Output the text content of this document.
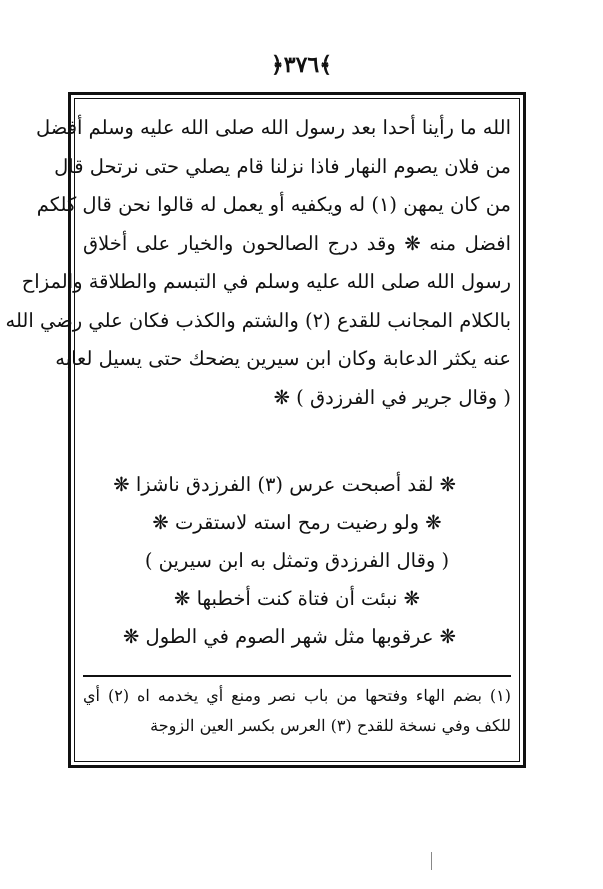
﴿٣٧٦﴾
الله ما رأينا أحدا بعد رسول الله صلى الله عليه وسلم أفضل
من فلان يصوم النهار فاذا نزلنا قام يصلي حتى نرتحل قال
من كان يمهن (١) له ويكفيه أو يعمل له قالوا نحن قال كلكم
افضل منه ❋ وقد درج الصالحون والخيار على أخلاق
رسول الله صلى الله عليه وسلم في التبسم والطلاقة والمزاح
بالكلام المجانب للقدع (٢) والشتم والكذب فكان علي رضي الله
عنه يكثر الدعابة وكان ابن سيرين يضحك حتى يسيل لعابه
( وقال جرير في الفرزدق ) ❋
❋ لقد أصبحت عرس (٣) الفرزدق ناشزا ❋
❋ ولو رضيت رمح استه لاستقرت ❋
( وقال الفرزدق وتمثل به ابن سيرين )
❋ نبئت أن فتاة كنت أخطبها ❋
❋ عرقوبها مثل شهر الصوم في الطول ❋
(١) بضم الهاء وفتحها من باب نصر ومنع أي يخدمه اه (٢) أي
للكف وفي نسخة للقدح (٣) العرس بكسر العين الزوجة
